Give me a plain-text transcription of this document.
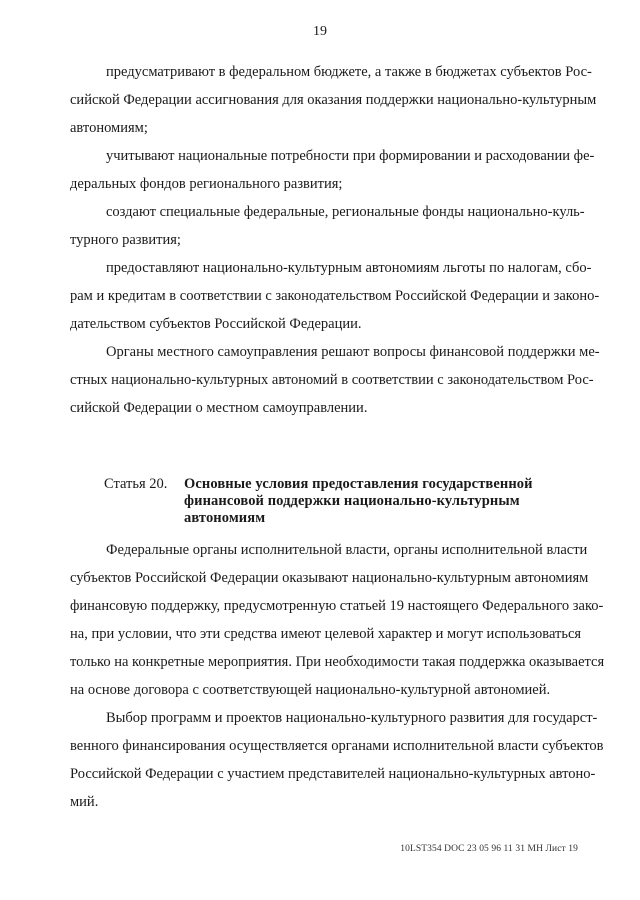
19
предусматривают в федеральном бюджете, а также в бюджетах субъектов Рос-
сийской Федерации ассигнования для оказания поддержки национально-культурным
автономиям;
учитывают национальные потребности при формировании и расходовании фе-
деральных фондов регионального развития;
создают специальные федеральные, региональные фонды национально-куль-
турного развития;
предоставляют национально-культурным автономиям льготы по налогам, сбо-
рам и кредитам в соответствии с законодательством Российской Федерации и законо-
дательством субъектов Российской Федерации.
Органы местного самоуправления решают вопросы финансовой поддержки ме-
стных национально-культурных автономий в соответствии с законодательством Рос-
сийской Федерации о местном самоуправлении.
Статья 20. Основные условия предоставления государственной
финансовой поддержки национально-культурным
автономиям
Федеральные органы исполнительной власти, органы исполнительной власти
субъектов Российской Федерации оказывают национально-культурным автономиям
финансовую поддержку, предусмотренную статьей 19 настоящего Федерального зако-
на, при условии, что эти средства имеют целевой характер и могут использоваться
только на конкретные мероприятия. При необходимости такая поддержка оказывается
на основе договора с соответствующей национально-культурной автономией.
Выбор программ и проектов национально-культурного развития для государст-
венного финансирования осуществляется органами исполнительной власти субъектов
Российской Федерации с участием представителей национально-культурных автоно-
мий.
10LST354 DOC 23 05 96 11 31 МН Лист 19
